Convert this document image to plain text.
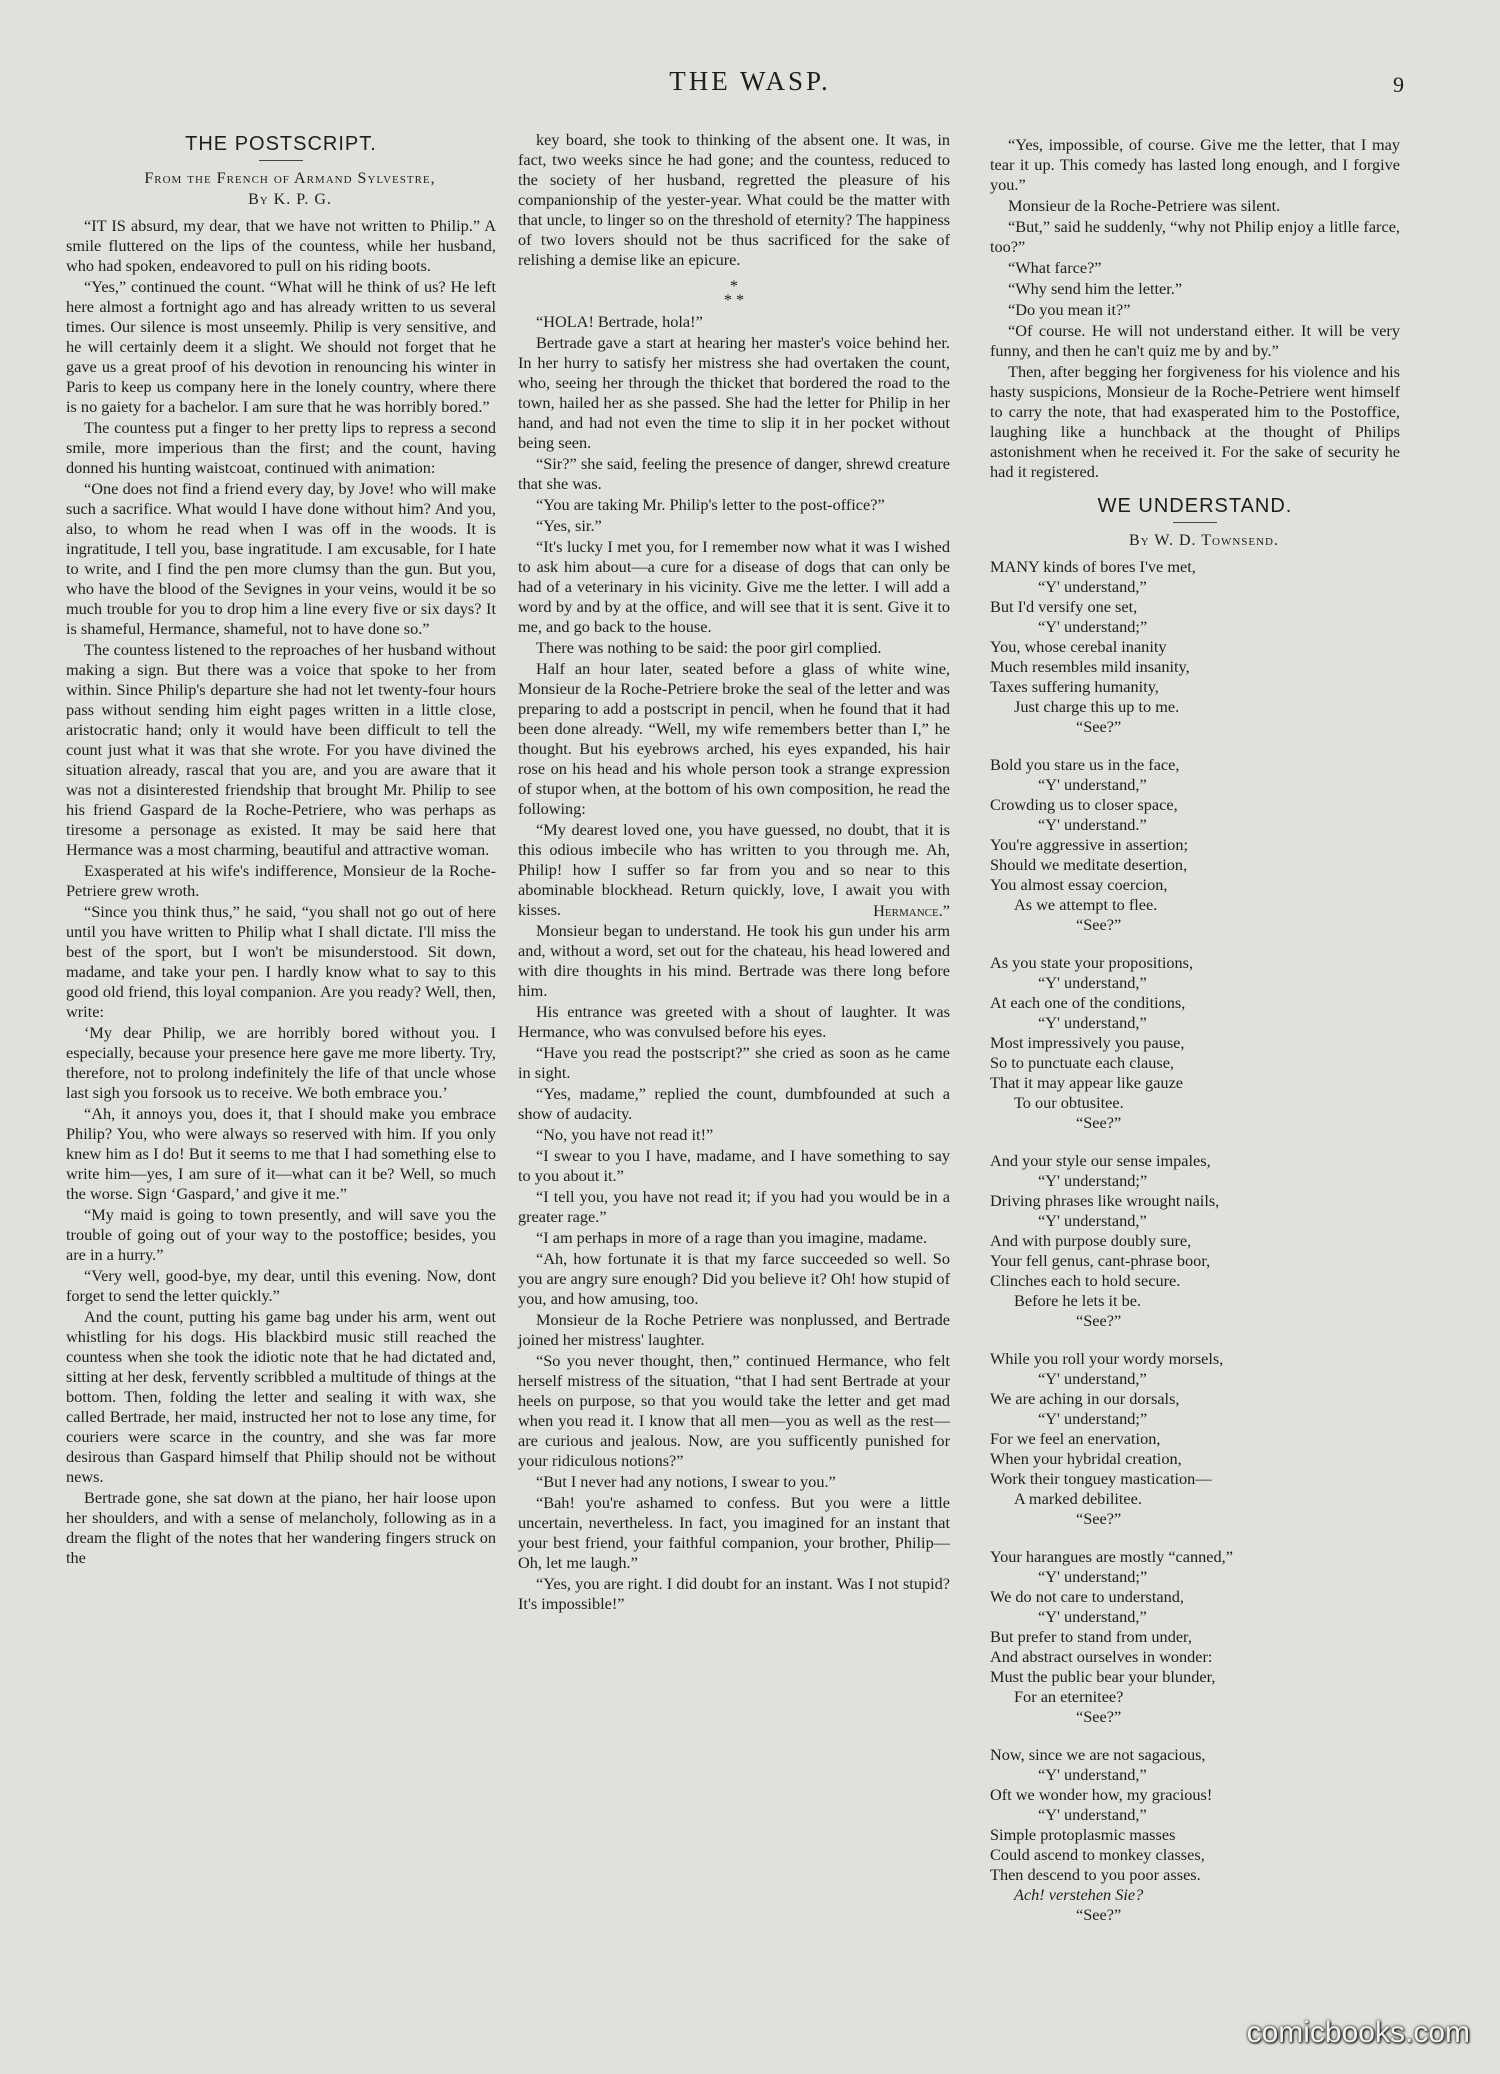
THE WASP.	9
THE POSTSCRIPT.

From the French of Armand Sylvestre,

By K. P. G.

“IT IS absurd, my dear, that we have not written to Philip.” A smile fluttered on the lips of the countess, while her husband, who had spoken, endeavored to pull on his riding boots.

“Yes,” continued the count. “What will he think of us? He left here almost a fortnight ago and has already written to us several times. Our silence is most unseemly. Philip is very sensitive, and he will certainly deem it a slight. We should not forget that he gave us a great proof of his devotion in renouncing his winter in Paris to keep us company here in the lonely country, where there is no gaiety for a bachelor. I am sure that he was horribly bored.”

The countess put a finger to her pretty lips to repress a second smile, more imperious than the first; and the count, having donned his hunting waistcoat, continued with animation:

“One does not find a friend every day, by Jove! who will make such a sacrifice. What would I have done without him? And you, also, to whom he read when I was off in the woods. It is ingratitude, I tell you, base ingratitude. I am excusable, for I hate to write, and I find the pen more clumsy than the gun. But you, who have the blood of the Sevignes in your veins, would it be so much trouble for you to drop him a line every five or six days? It is shameful, Hermance, shameful, not to have done so.”

The countess listened to the reproaches of her husband without making a sign. But there was a voice that spoke to her from within. Since Philip's departure she had not let twenty-four hours pass without sending him eight pages written in a little close, aristocratic hand; only it would have been difficult to tell the count just what it was that she wrote. For you have divined the situation already, rascal that you are, and you are aware that it was not a disinterested friendship that brought Mr. Philip to see his friend Gaspard de la Roche-Petriere, who was perhaps as tiresome a personage as existed. It may be said here that Hermance was a most charming, beautiful and attractive woman.

Exasperated at his wife's indifference, Monsieur de la Roche-Petriere grew wroth.

“Since you think thus,” he said, “you shall not go out of here until you have written to Philip what I shall dictate. I'll miss the best of the sport, but I won't be misunderstood. Sit down, madame, and take your pen. I hardly know what to say to this good old friend, this loyal companion. Are you ready? Well, then, write:

‘My dear Philip, we are horribly bored without you. I especially, because your presence here gave me more liberty. Try, therefore, not to prolong indefinitely the life of that uncle whose last sigh you forsook us to receive. We both embrace you.’

“Ah, it annoys you, does it, that I should make you embrace Philip? You, who were always so reserved with him. If you only knew him as I do! But it seems to me that I had something else to write him—yes, I am sure of it—what can it be? Well, so much the worse. Sign ‘Gaspard,’ and give it me.”

“My maid is going to town presently, and will save you the trouble of going out of your way to the postoffice; besides, you are in a hurry.”

“Very well, good-bye, my dear, until this evening. Now, dont forget to send the letter quickly.”

And the count, putting his game bag under his arm, went out whistling for his dogs. His blackbird music still reached the countess when she took the idiotic note that he had dictated and, sitting at her desk, fervently scribbled a multitude of things at the bottom. Then, folding the letter and sealing it with wax, she called Bertrade, her maid, instructed her not to lose any time, for couriers were scarce in the country, and she was far more desirous than Gaspard himself that Philip should not be without news.

Bertrade gone, she sat down at the piano, her hair loose upon her shoulders, and with a sense of melancholy, following as in a dream the flight of the notes that her wandering fingers struck on the

key board, she took to thinking of the absent one. It was, in fact, two weeks since he had gone; and the countess, reduced to the society of her husband, regretted the pleasure of his companionship of the yester-year. What could be the matter with that uncle, to linger so on the threshold of eternity? The happiness of two lovers should not be thus sacrificed for the sake of relishing a demise like an epicure.

*
* *

“HOLA! Bertrade, hola!”

Bertrade gave a start at hearing her master's voice behind her. In her hurry to satisfy her mistress she had overtaken the count, who, seeing her through the thicket that bordered the road to the town, hailed her as she passed. She had the letter for Philip in her hand, and had not even the time to slip it in her pocket without being seen.

“Sir?” she said, feeling the presence of danger, shrewd creature that she was.

“You are taking Mr. Philip's letter to the post-office?”

“Yes, sir.”

“It's lucky I met you, for I remember now what it was I wished to ask him about—a cure for a disease of dogs that can only be had of a veterinary in his vicinity. Give me the letter. I will add a word by and by at the office, and will see that it is sent. Give it to me, and go back to the house.

There was nothing to be said: the poor girl complied.

Half an hour later, seated before a glass of white wine, Monsieur de la Roche-Petriere broke the seal of the letter and was preparing to add a postscript in pencil, when he found that it had been done already. “Well, my wife remembers better than I,” he thought. But his eyebrows arched, his eyes expanded, his hair rose on his head and his whole person took a strange expression of stupor when, at the bottom of his own composition, he read the following:

“My dearest loved one, you have guessed, no doubt, that it is this odious imbecile who has written to you through me. Ah, Philip! how I suffer so far from you and so near to this abominable blockhead. Return quickly, love, I await you with kisses.	Hermance.”

Monsieur began to understand. He took his gun under his arm and, without a word, set out for the chateau, his head lowered and with dire thoughts in his mind. Bertrade was there long before him.

His entrance was greeted with a shout of laughter. It was Hermance, who was convulsed before his eyes.

“Have you read the postscript?” she cried as soon as he came in sight.

“Yes, madame,” replied the count, dumbfounded at such a show of audacity.

“No, you have not read it!”

“I swear to you I have, madame, and I have something to say to you about it.”

“I tell you, you have not read it; if you had you would be in a greater rage.”

“I am perhaps in more of a rage than you imagine, madame.

“Ah, how fortunate it is that my farce succeeded so well. So you are angry sure enough? Did you believe it? Oh! how stupid of you, and how amusing, too.

Monsieur de la Roche Petriere was nonplussed, and Bertrade joined her mistress' laughter.

“So you never thought, then,” continued Hermance, who felt herself mistress of the situation, “that I had sent Bertrade at your heels on purpose, so that you would take the letter and get mad when you read it. I know that all men—you as well as the rest—are curious and jealous. Now, are you sufficently punished for your ridiculous notions?”

“But I never had any notions, I swear to you.”

“Bah! you're ashamed to confess. But you were a little uncertain, nevertheless. In fact, you imagined for an instant that your best friend, your faithful companion, your brother, Philip—Oh, let me laugh.”

“Yes, you are right. I did doubt for an instant. Was I not stupid? It's impossible!”

“Yes, impossible, of course. Give me the letter, that I may tear it up. This comedy has lasted long enough, and I forgive you.”

Monsieur de la Roche-Petriere was silent.

“But,” said he suddenly, “why not Philip enjoy a litlle farce, too?”

“What farce?”

“Why send him the letter.”

“Do you mean it?”

“Of course. He will not understand either. It will be very funny, and then he can't quiz me by and by.”

Then, after begging her forgiveness for his violence and his hasty suspicions, Monsieur de la Roche-Petriere went himself to carry the note, that had exasperated him to the Postoffice, laughing like a hunchback at the thought of Philips astonishment when he received it. For the sake of security he had it registered.

WE UNDERSTAND.

By W. D. Townsend.

MANY kinds of bores I've met,
“Y' understand,”
But I'd versify one set,
“Y' understand;”
You, whose cerebal inanity
Much resembles mild insanity,
Taxes suffering humanity,
Just charge this up to me.
“See?”
Bold you stare us in the face,
“Y' understand,”
Crowding us to closer space,
“Y' understand.”
You're aggressive in assertion;
Should we meditate desertion,
You almost essay coercion,
As we attempt to flee.
“See?”
As you state your propositions,
“Y' understand,”
At each one of the conditions,
“Y' understand,”
Most impressively you pause,
So to punctuate each clause,
That it may appear like gauze
To our obtusitee.
“See?”
And your style our sense impales,
“Y' understand;”
Driving phrases like wrought nails,
“Y' understand,”
And with purpose doubly sure,
Your fell genus, cant-phrase boor,
Clinches each to hold secure.
Before he lets it be.
“See?”
While you roll your wordy morsels,
“Y' understand,”
We are aching in our dorsals,
“Y' understand;”
For we feel an enervation,
When your hybridal creation,
Work their tonguey mastication—
A marked debilitee.
“See?”
Your harangues are mostly “canned,”
“Y' understand;”
We do not care to understand,
“Y' understand,”
But prefer to stand from under,
And abstract ourselves in wonder:
Must the public bear your blunder,
For an eternitee?
“See?”
Now, since we are not sagacious,
“Y' understand,”
Oft we wonder how, my gracious!
“Y' understand,”
Simple protoplasmic masses
Could ascend to monkey classes,
Then descend to you poor asses.
Ach! verstehen Sie?
“See?”
comicbooks.com
